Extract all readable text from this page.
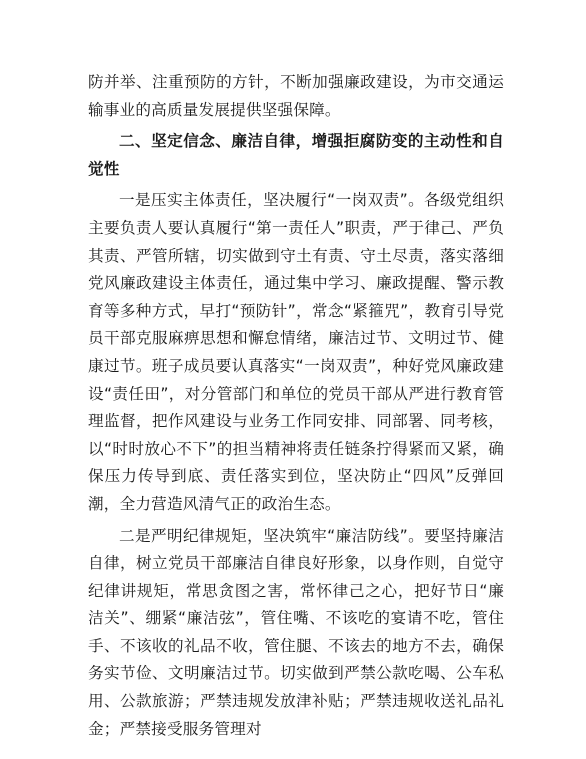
防并举、注重预防的方针，不断加强廉政建设，为市交通运输事业的高质量发展提供坚强保障。

二、坚定信念、廉洁自律，增强拒腐防变的主动性和自觉性

一是压实主体责任，坚决履行“一岗双责”。各级党组织主要负责人要认真履行“第一责任人”职责，严于律己、严负其责、严管所辖，切实做到守土有责、守土尽责，落实落细党风廉政建设主体责任，通过集中学习、廉政提醒、警示教育等多种方式，早打“预防针”，常念“紧箍咒”，教育引导党员干部克服麻痹思想和懈怠情绪，廉洁过节、文明过节、健康过节。班子成员要认真落实“一岗双责”，种好党风廉政建设“责任田”，对分管部门和单位的党员干部从严进行教育管理监督，把作风建设与业务工作同安排、同部署、同考核，以“时时放心不下”的担当精神将责任链条拧得紧而又紧，确保压力传导到底、责任落实到位，坚决防止“四风”反弹回潮，全力营造风清气正的政治生态。

二是严明纪律规矩，坚决筑牢“廉洁防线”。要坚持廉洁自律，树立党员干部廉洁自律良好形象，以身作则，自觉守纪律讲规矩，常思贪图之害，常怀律己之心，把好节日“廉洁关”、绷紧“廉洁弦”，管住嘴、不该吃的宴请不吃，管住手、不该收的礼品不收，管住腿、不该去的地方不去，确保务实节俭、文明廉洁过节。切实做到严禁公款吃喝、公车私用、公款旅游；严禁违规发放津补贴；严禁违规收送礼品礼金；严禁接受服务管理对
